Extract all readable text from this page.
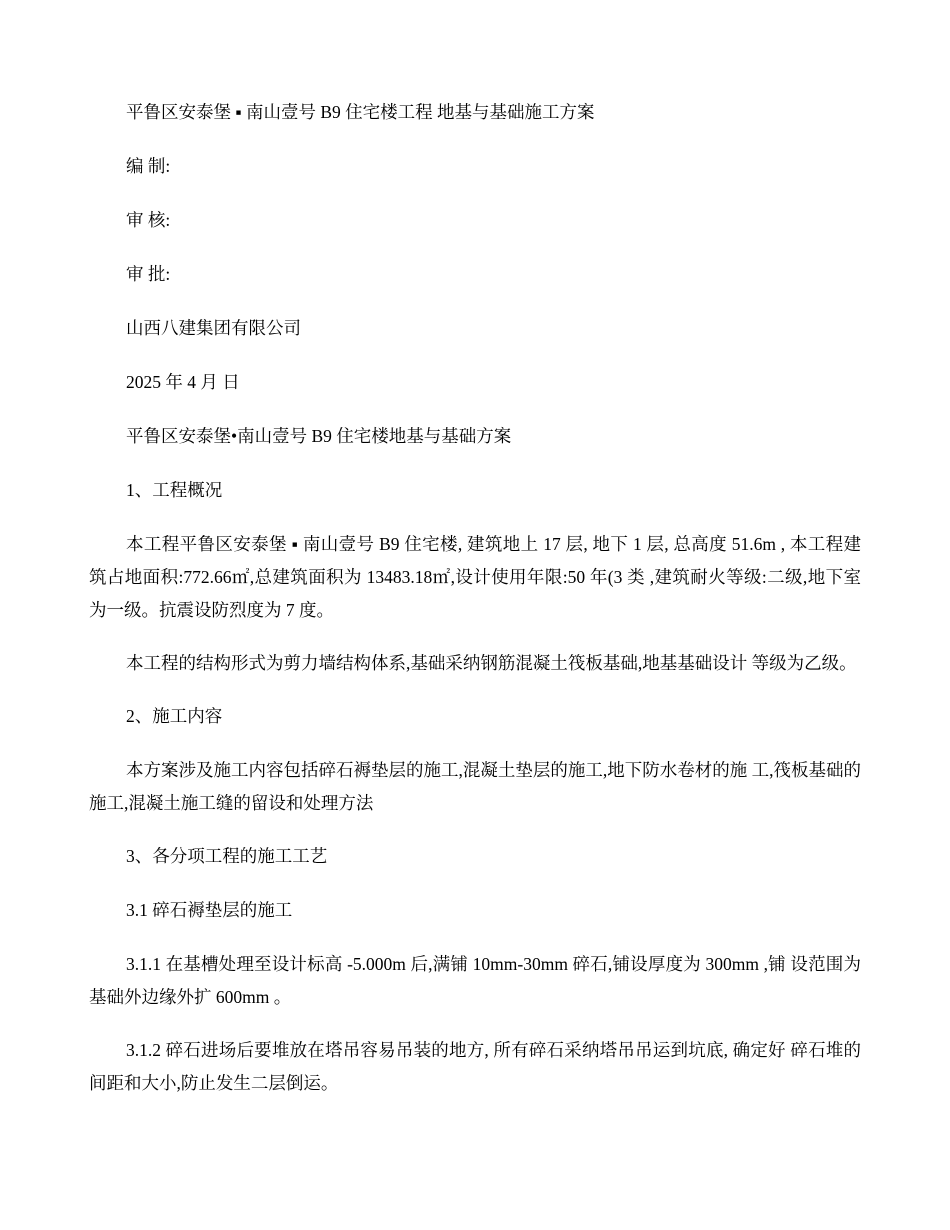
平鲁区安泰堡 ▪ 南山壹号 B9 住宅楼工程 地基与基础施工方案

编 制:

审 核:

审 批:

山西八建集团有限公司

2025 年 4 月 日

平鲁区安泰堡•南山壹号 B9 住宅楼地基与基础方案

1、工程概况

本工程平鲁区安泰堡 ▪ 南山壹号 B9 住宅楼, 建筑地上 17 层, 地下 1 层, 总高度 51.6m , 本工程建筑占地面积:772.66㎡,总建筑面积为 13483.18㎡,设计使用年限:50 年(3 类 ,建筑耐火等级:二级,地下室为一级。抗震设防烈度为 7 度。

本工程的结构形式为剪力墙结构体系,基础采纳钢筋混凝土筏板基础,地基基础设计 等级为乙级。

2、施工内容

本方案涉及施工内容包括碎石褥垫层的施工,混凝土垫层的施工,地下防水卷材的施 工,筏板基础的施工,混凝土施工缝的留设和处理方法

3、各分项工程的施工工艺

3.1 碎石褥垫层的施工

3.1.1 在基槽处理至设计标高 -5.000m 后,满铺 10mm-30mm 碎石,铺设厚度为 300mm ,铺 设范围为基础外边缘外扩 600mm 。

3.1.2 碎石进场后要堆放在塔吊容易吊装的地方, 所有碎石采纳塔吊吊运到坑底, 确定好 碎石堆的间距和大小,防止发生二层倒运。
